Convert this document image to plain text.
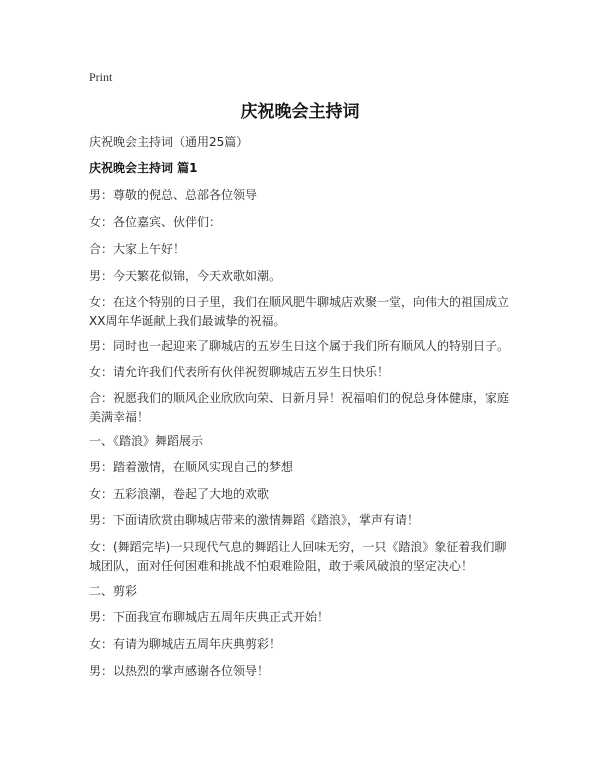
Print
庆祝晚会主持词
庆祝晚会主持词（通用25篇）
庆祝晚会主持词 篇1
男：尊敬的倪总、总部各位领导
女：各位嘉宾、伙伴们：
合：大家上午好！
男：今天繁花似锦，今天欢歌如潮。
女：在这个特别的日子里，我们在顺风肥牛聊城店欢聚一堂，向伟大的祖国成立XX周年华诞献上我们最诚挚的祝福。
男：同时也一起迎来了聊城店的五岁生日这个属于我们所有顺风人的特别日子。
女：请允许我们代表所有伙伴祝贺聊城店五岁生日快乐！
合：祝愿我们的顺风企业欣欣向荣、日新月异！祝福咱们的倪总身体健康，家庭美满幸福！
一、《踏浪》舞蹈展示
男：踏着激情，在顺风实现自己的梦想
女：五彩浪潮，卷起了大地的欢歌
男：下面请欣赏由聊城店带来的激情舞蹈《踏浪》，掌声有请！
女：(舞蹈完毕)一只现代气息的舞蹈让人回味无穷，一只《踏浪》象征着我们聊城团队，面对任何困难和挑战不怕艰难险阻，敢于乘风破浪的坚定决心！
二、剪彩
男：下面我宣布聊城店五周年庆典正式开始！
女：有请为聊城店五周年庆典剪彩！
男：以热烈的掌声感谢各位领导！
